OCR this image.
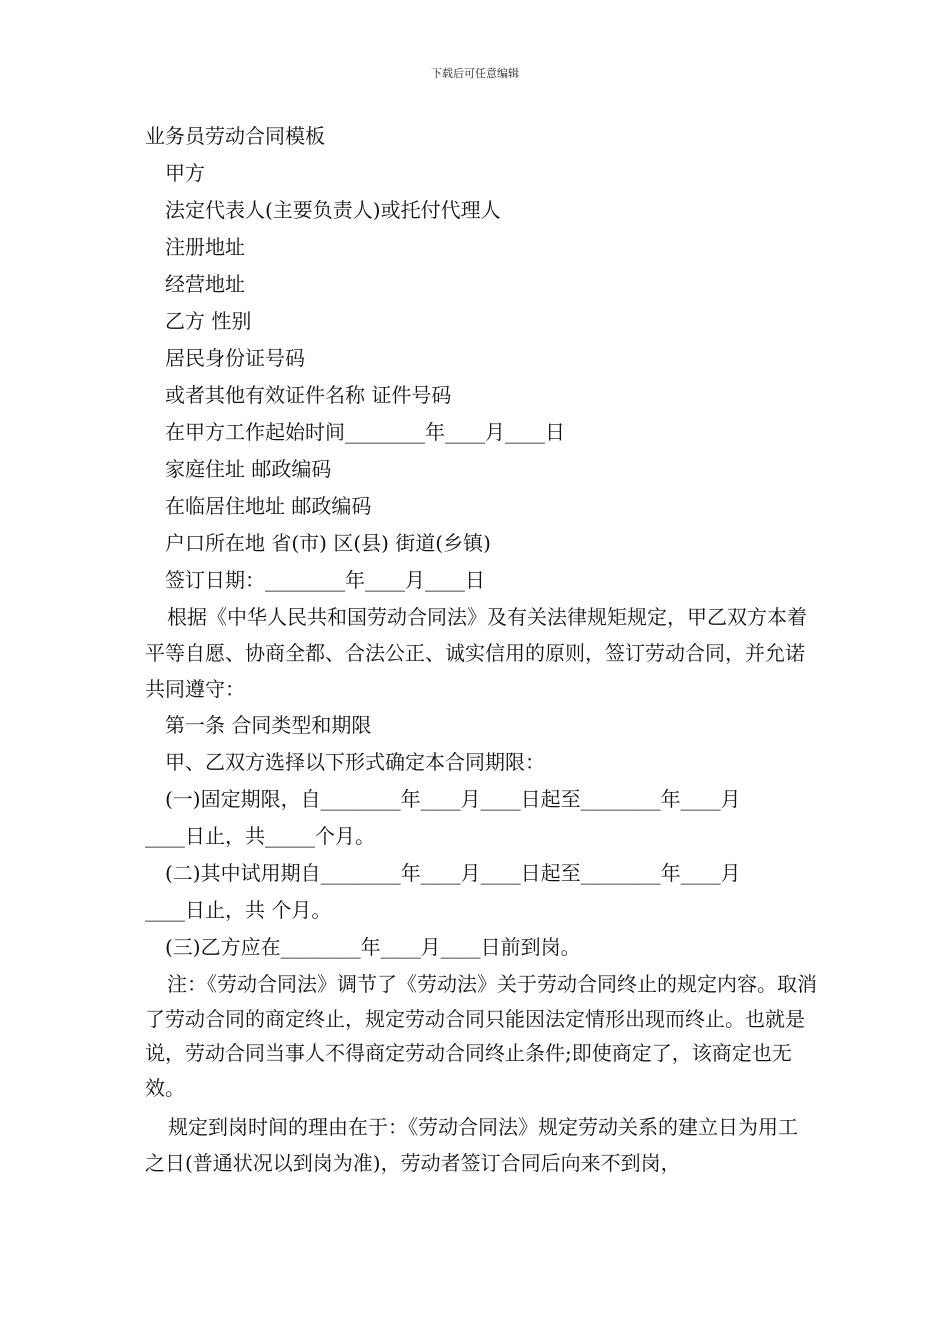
下载后可任意编辑
业务员劳动合同模板
甲方
法定代表人(主要负责人)或托付代理人
注册地址
经营地址
乙方 性别
居民身份证号码
或者其他有效证件名称 证件号码
在甲方工作起始时间________年____月____日
家庭住址 邮政编码
在临居住地址 邮政编码
户口所在地 省(市) 区(县) 街道(乡镇)
签订日期：________年____月____日

根据《中华人民共和国劳动合同法》及有关法律规矩规定，甲乙双方本着平等自愿、协商全都、合法公正、诚实信用的原则，签订劳动合同，并允诺共同遵守：

第一条 合同类型和期限
甲、乙双方选择以下形式确定本合同期限：
(一)固定期限，自________年____月____日起至________年____月
____日止，共_____个月。
(二)其中试用期自________年____月____日起至________年____月
____日止，共 个月。
(三)乙方应在________年____月____日前到岗。

注：《劳动合同法》调节了《劳动法》关于劳动合同终止的规定内容。取消了劳动合同的商定终止，规定劳动合同只能因法定情形出现而终止。也就是说，劳动合同当事人不得商定劳动合同终止条件;即使商定了，该商定也无效。

规定到岗时间的理由在于：《劳动合同法》规定劳动关系的建立日为用工之日(普通状况以到岗为准)，劳动者签订合同后向来不到岗，
